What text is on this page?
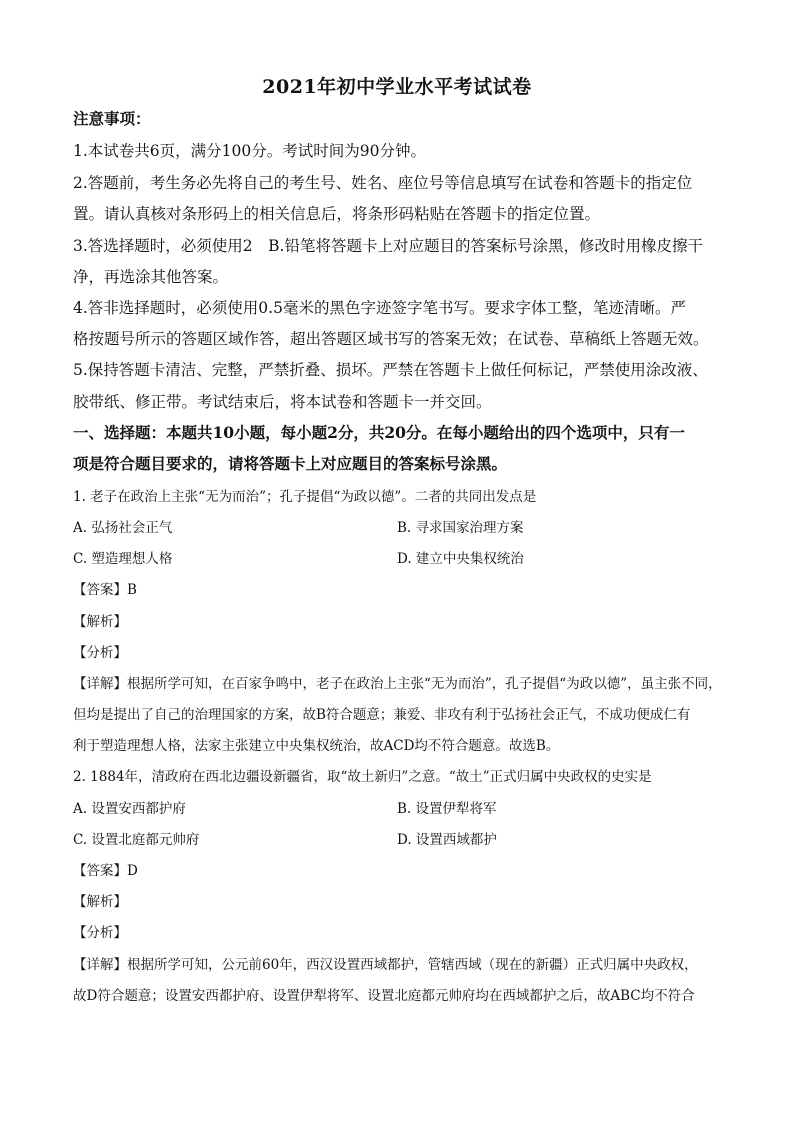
2021年初中学业水平考试试卷
注意事项：
1.本试卷共6页，满分100分。考试时间为90分钟。
2.答题前，考生务必先将自己的考生号、姓名、座位号等信息填写在试卷和答题卡的指定位
置。请认真核对条形码上的相关信息后，将条形码粘贴在答题卡的指定位置。
3.答选择题时，必须使用2　B.铅笔将答题卡上对应题目的答案标号涂黑，修改时用橡皮擦干
净，再选涂其他答案。
4.答非选择题时，必须使用0.5毫米的黑色字迹签字笔书写。要求字体工整，笔迹清晰。严
格按题号所示的答题区域作答，超出答题区域书写的答案无效；在试卷、草稿纸上答题无效。
5.保持答题卡清洁、完整，严禁折叠、损坏。严禁在答题卡上做任何标记，严禁使用涂改液、
胶带纸、修正带。考试结束后，将本试卷和答题卡一并交回。
一、选择题：本题共10小题，每小题2分，共20分。在每小题给出的四个选项中，只有一
项是符合题目要求的，请将答题卡上对应题目的答案标号涂黑。
1. 老子在政治上主张“无为而治”；孔子提倡“为政以德”。二者的共同出发点是
A. 弘扬社会正气	B. 寻求国家治理方案
C. 塑造理想人格	D. 建立中央集权统治
【答案】B
【解析】
【分析】
【详解】根据所学可知，在百家争鸣中，老子在政治上主张“无为而治”，孔子提倡“为政以德”，虽主张不同，
但均是提出了自己的治理国家的方案，故B符合题意；兼爱、非攻有利于弘扬社会正气，不成功便成仁有
利于塑造理想人格，法家主张建立中央集权统治，故ACD均不符合题意。故选B。
2. 1884年，清政府在西北边疆设新疆省，取“故土新归”之意。“故土”正式归属中央政权的史实是
A. 设置安西都护府	B. 设置伊犁将军
C. 设置北庭都元帅府	D. 设置西域都护
【答案】D
【解析】
【分析】
【详解】根据所学可知，公元前60年，西汉设置西域都护，管辖西域（现在的新疆）正式归属中央政权，
故D符合题意；设置安西都护府、设置伊犁将军、设置北庭都元帅府均在西域都护之后，故ABC均不符合
